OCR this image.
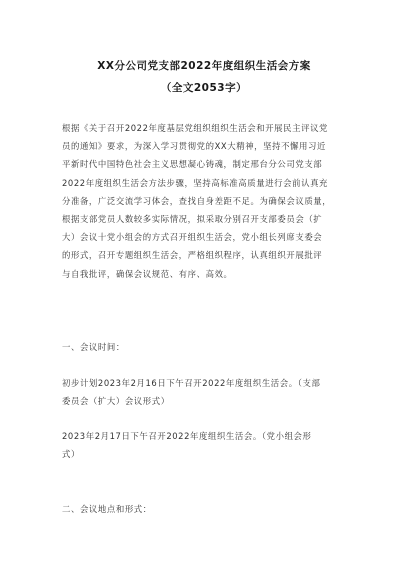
XX分公司党支部2022年度组织生活会方案
（全文2053字）
根据《关于召开2022年度基层党组织组织生活会和开展民主评议党
员的通知》要求，为深入学习贯彻党的XX大精神，坚持不懈用习近
平新时代中国特色社会主义思想凝心铸魂，制定邢台分公司党支部
2022年度组织生活会方法步骤，坚持高标准高质量进行会前认真充
分准备，广泛交流学习体会，查找自身差距不足。为确保会议质量，
根据支部党员人数较多实际情况，拟采取分别召开支部委员会（扩
大）会议十党小组会的方式召开组织生活会，党小组长列席支委会
的形式，召开专题组织生活会，严格组织程序，认真组织开展批评
与自我批评，确保会议规范、有序、高效。
一、会议时间：
初步计划2023年2月16日下午召开2022年度组织生活会。（支部
委员会（扩大）会议形式）
2023年2月17日下午召开2022年度组织生活会。（党小组会形
式）
二、会议地点和形式：
